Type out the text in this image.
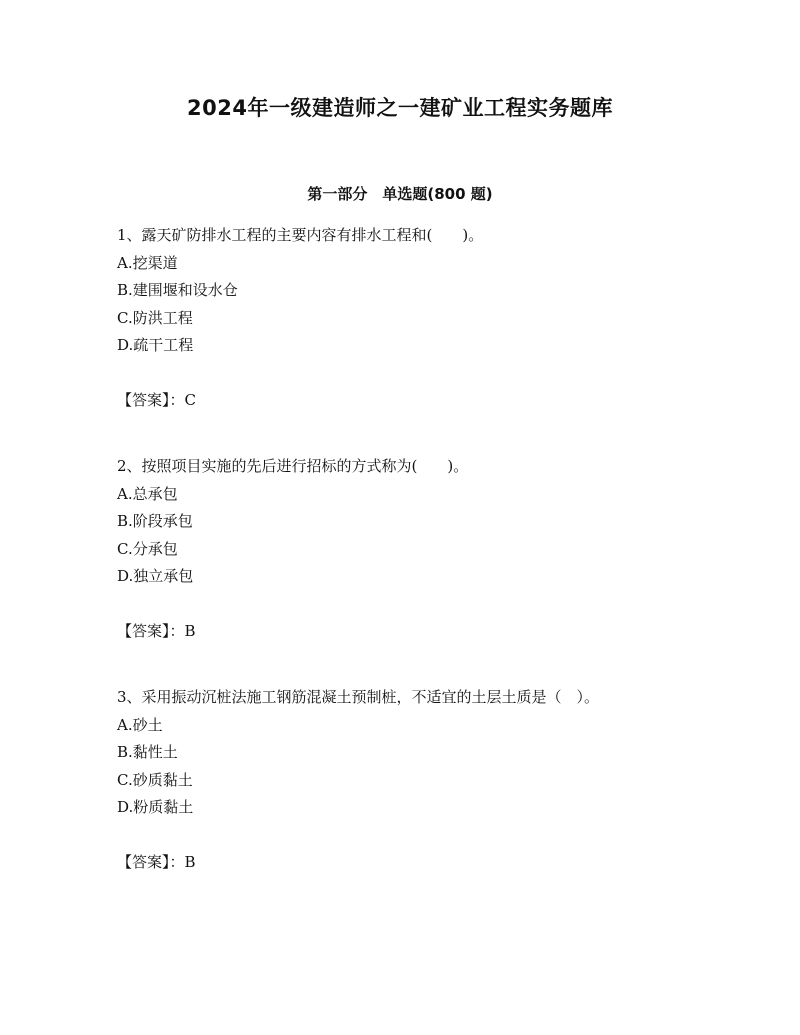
2024年一级建造师之一建矿业工程实务题库
第一部分　单选题(800 题)

1、露天矿防排水工程的主要内容有排水工程和(　　)。

A.挖渠道

B.建围堰和设水仓

C.防洪工程

D.疏干工程

【答案】：C

2、按照项目实施的先后进行招标的方式称为(　　)。

A.总承包

B.阶段承包

C.分承包

D.独立承包

【答案】：B

3、采用振动沉桩法施工钢筋混凝土预制桩，不适宜的土层土质是（　）。

A.砂土

B.黏性土

C.砂质黏土

D.粉质黏土

【答案】：B
